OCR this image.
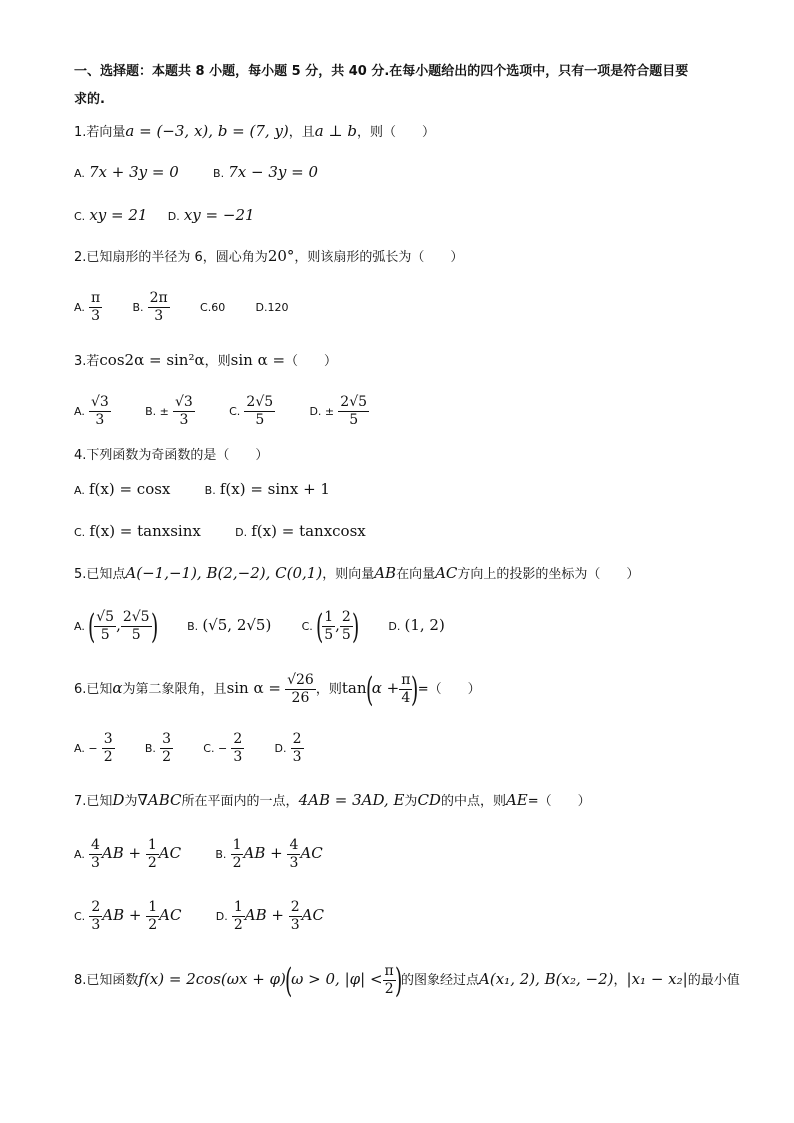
一、选择题：本题共 8 小题，每小题 5 分，共 40 分.在每小题给出的四个选项中，只有一项是符合题目要
求的.
1.若向量a = (−3, x), b = (7, y)，且a ⊥ b，则（　　）
A. 7x + 3y = 0	B. 7x − 3y = 0
C. xy = 21 D. xy = −21
2.已知扇形的半径为 6，圆心角为20°，则该扇形的弧长为（　　）
A. $\frac{\pi}{3}$	B. $\frac{2\pi}{3}$	C.60	D.120
3.若cos2α = sin²α，则sin α =（　　）
A. $\frac{√3}{3}$	B. ± $\frac{√3}{3}$	C. $\frac{2√5}{5}$	D. ± $\frac{2√5}{5}$
4.下列函数为奇函数的是（　　）
A. f(x) = cosx	B. f(x) = sinx + 1
C. f(x) = tanxsinx	D. f(x) = tanxcosx
5.已知点A(−1,−1), B(2,−2), C(0,1)，则向量AB在向量AC方向上的投影的坐标为（　　）
A. (
$\frac{√5}{5}$ , $\frac{2√5}{5}$
)	B. (√5, 2√5)	C. (
$\frac{1}{5}$ , $\frac{2}{5}$
)	D. (1, 2)
6.已知α为第二象限角，且$\sin \alpha = \frac{√26}{26}$ ，则$\tan(\alpha + \frac{\pi}{4}$
)=（　　）
A. − $\frac{3}{2}$	B. $\frac{3}{2}$	C. − $\frac{2}{3}$	D. $\frac{2}{3}$
7.已知D为∇ABC所在平面内的一点，4AB = 3AD, E为CD的中点，则AE=（　　）
A. $\frac{4}{3}$ AB + $\frac{1}{2}$ AC	B. $\frac{1}{2}$ AB + $\frac{4}{3}$ AC
C. $\frac{2}{3}$ AB + $\frac{1}{2}$ AC	D. $\frac{1}{2}$ AB + $\frac{2}{3}$ AC
8.已知函数f(x) = 2cos(ωx + φ)(ω > 0, $|\varphi| < \frac{\pi}{2}$
)的图象经过点A(x₁, 2), B(x₂, −2)，|x₁ − x₂|的最小值
